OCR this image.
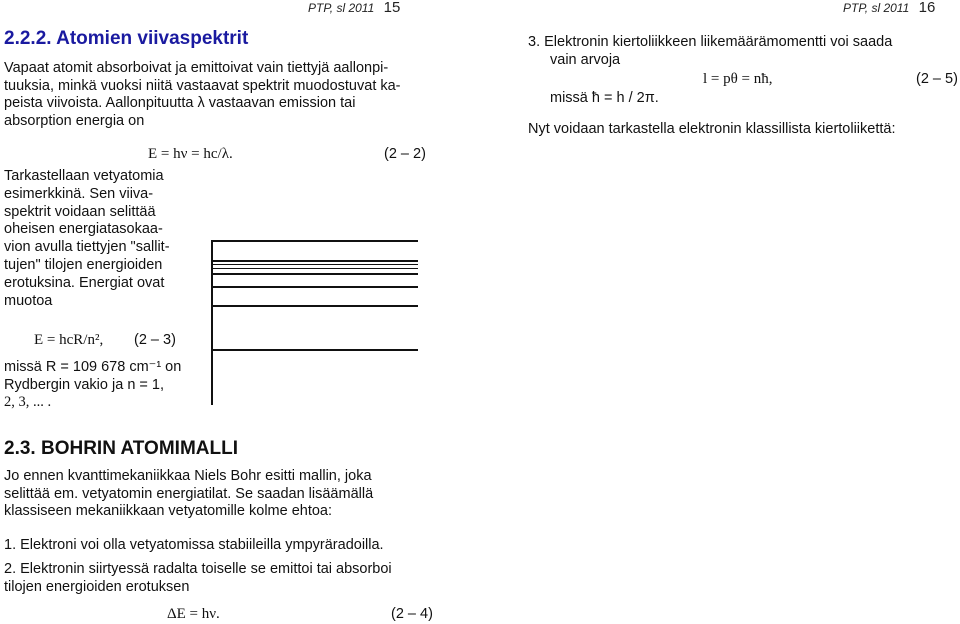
PTP, sl 2011 15
2.2.2. Atomien viivaspektrit
Vapaat atomit absorboivat ja emittoivat vain tiettyjä aallonpi-
tuuksia, minkä vuoksi niitä vastaavat spektrit muodostuvat ka-
peista viivoista. Aallonpituutta λ vastaavan emission tai
absorption energia on
E = hν = hc/λ.	(2 – 2)
Tarkastellaan vetyatomia
esimerkkinä. Sen viiva-
spektrit voidaan selittää
oheisen energiatasokaa-
vion avulla tiettyjen "sallit-
tujen" tilojen energioiden
erotuksina. Energiat ovat
muotoa
E = hcR/n², (2 – 3)
missä R = 109 678 cm⁻¹ on
Rydbergin vakio ja n = 1,
2, 3, ... .
2.3. BOHRIN ATOMIMALLI
Jo ennen kvanttimekaniikkaa Niels Bohr esitti mallin, joka
selittää em. vetyatomin energiatilat. Se saadan lisäämällä
klassiseen mekaniikkaan vetyatomille kolme ehtoa:
1. Elektroni voi olla vetyatomissa stabiileilla ympyräradoilla.
2. Elektronin siirtyessä radalta toiselle se emittoi tai absorboi
tilojen energioiden erotuksen
ΔE = hν.	(2 – 4)
PTP, sl 2011 16
3. Elektronin kiertoliikkeen liikemäärämomentti voi saada
vain arvoja
l = pθ = nħ,	(2 – 5)
missä ħ = h / 2π.
Nyt voidaan tarkastella elektronin klassillista kiertoliikettä:
